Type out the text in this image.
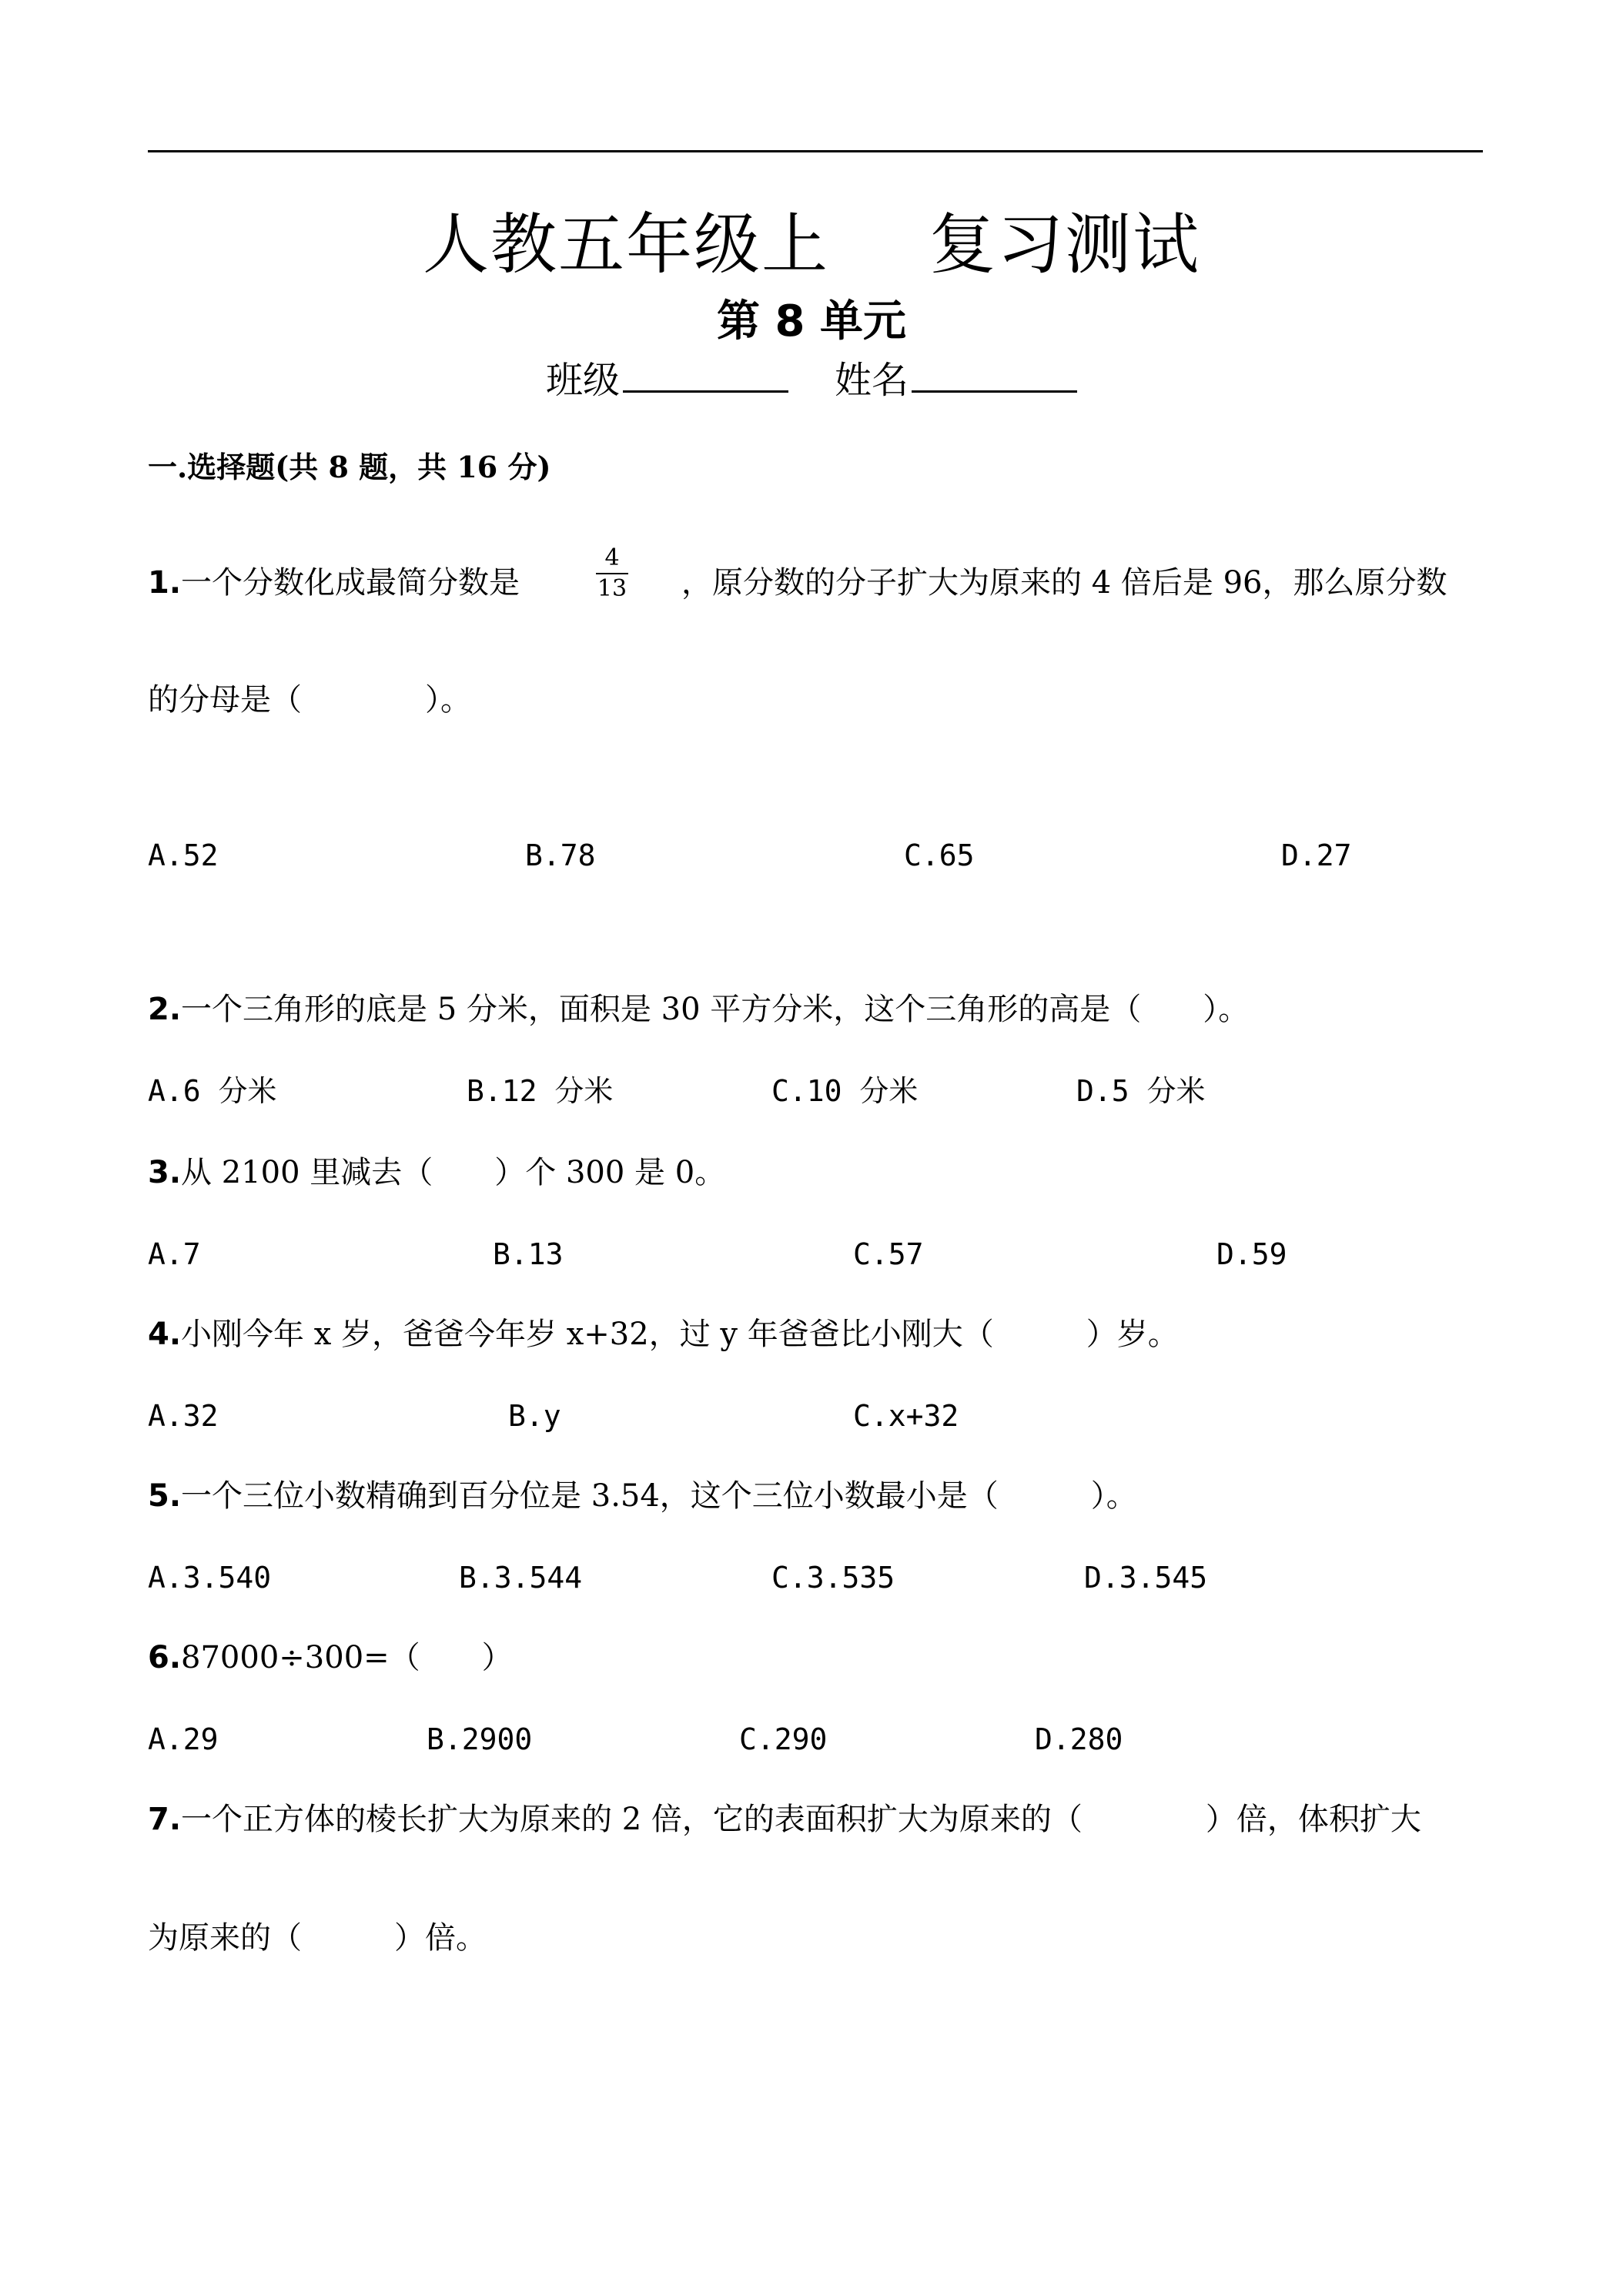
人教五年级上 复习测试
第 8 单元
班级	姓名
一.选择题(共 8 题，共 16 分)
1.一个分数化成最简分数是
4
13 ，原分数的分子扩大为原来的 4 倍后是 96，那么原分数
的分母是（　　　　）。
A.52	B.78	C.65	D.27
2.一个三角形的底是 5 分米，面积是 30 平方分米，这个三角形的高是（　　）。
A.6 分米	B.12 分米	C.10 分米	D.5 分米
3.从 2100 里减去（　　）个 300 是 0。
A.7	B.13	C.57	D.59
4.小刚今年 x 岁，爸爸今年岁 x+32，过 y 年爸爸比小刚大（　　　）岁。
A.32	B.y	C.x+32
5.一个三位小数精确到百分位是 3.54，这个三位小数最小是（　　　）。
A.3.540	B.3.544	C.3.535	D.3.545
6.87000÷300=（　　）
A.29	B.2900	C.290	D.280
7.一个正方体的棱长扩大为原来的 2 倍，它的表面积扩大为原来的（　　　　）倍，体积扩大
为原来的（　　　）倍。
